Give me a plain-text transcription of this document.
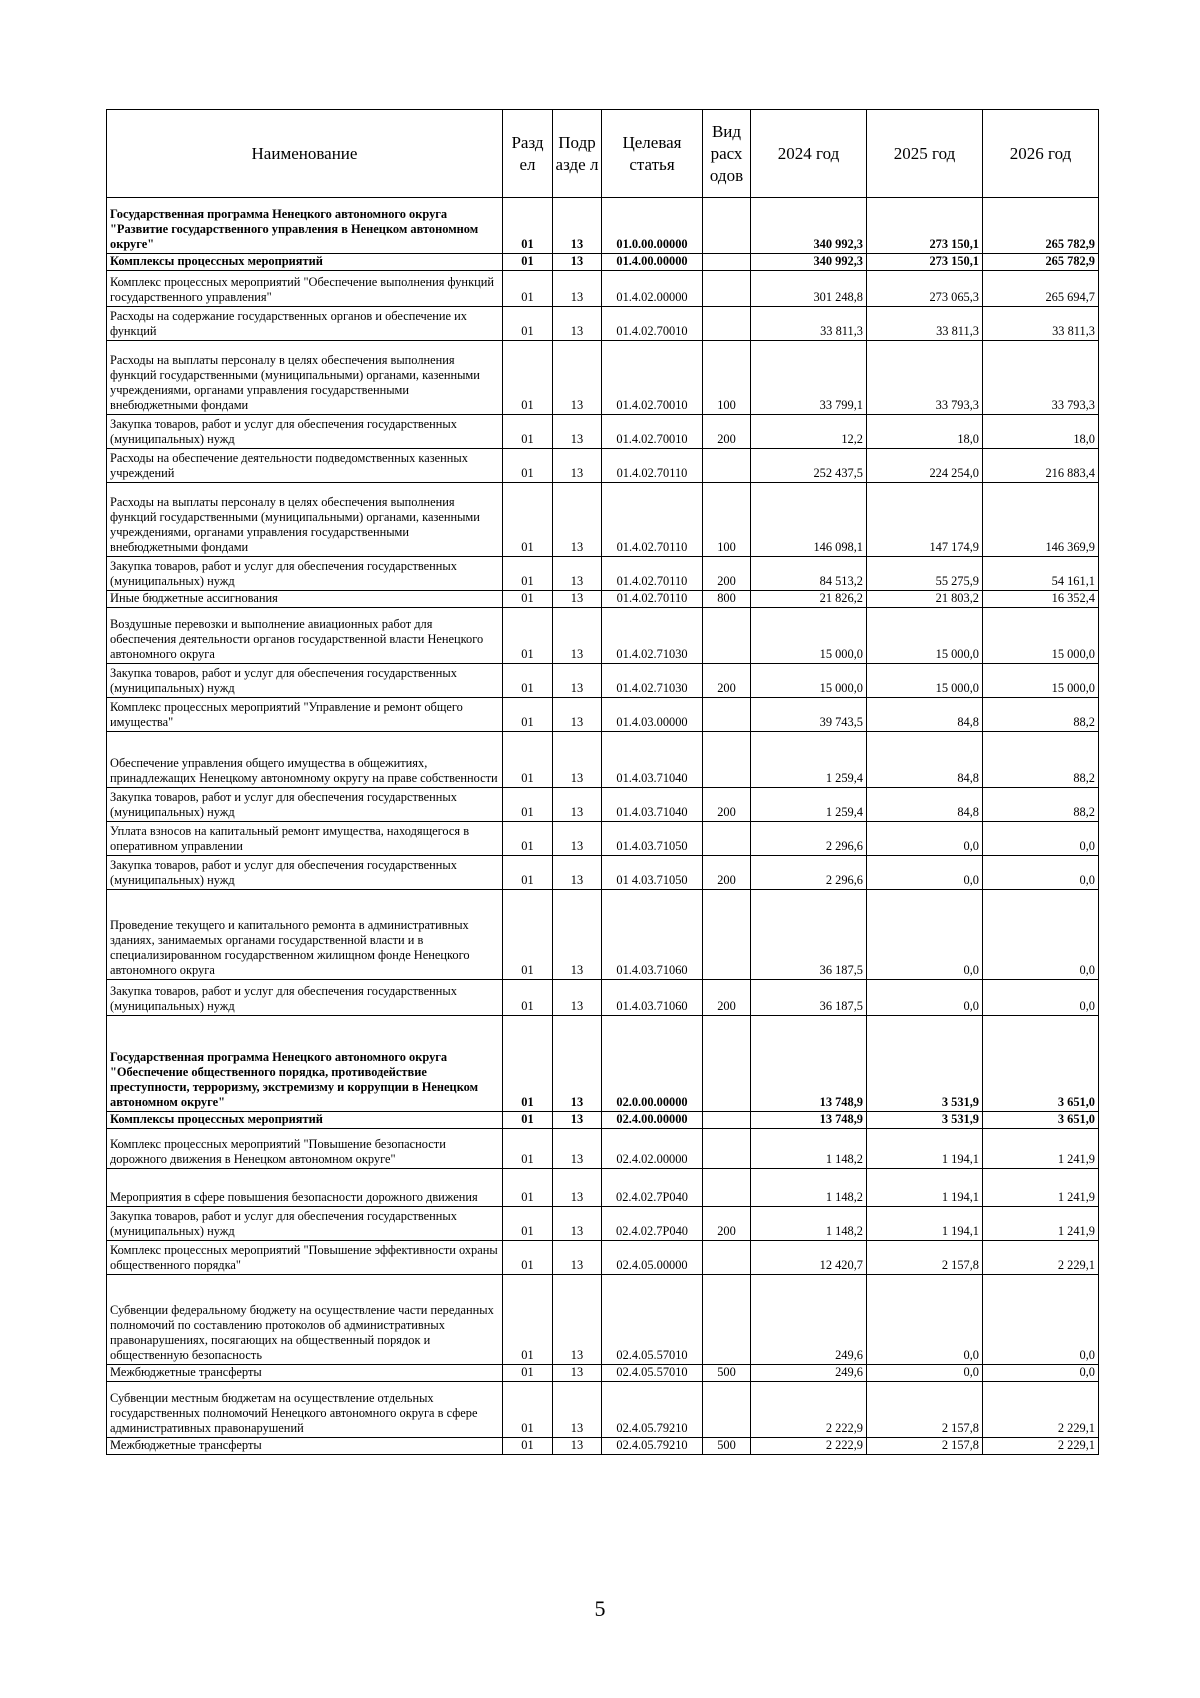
Наименование	Разд ел	Подр азде л	Целевая статья	Вид расх одов	2024 год	2025 год	2026 год
Государственная программа Ненецкого автономного округа "Развитие государственного управления в Ненецком автономном округе"	01	13	01.0.00.00000		340 992,3	273 150,1	265 782,9
Комплексы процессных мероприятий	01	13	01.4.00.00000		340 992,3	273 150,1	265 782,9
Комплекс процессных мероприятий "Обеспечение выполнения функций государственного управления"	01	13	01.4.02.00000		301 248,8	273 065,3	265 694,7
Расходы на содержание государственных органов и обеспечение их функций	01	13	01.4.02.70010		33 811,3	33 811,3	33 811,3
Расходы на выплаты персоналу в целях обеспечения выполнения функций государственными (муниципальными) органами, казенными учреждениями, органами управления государственными внебюджетными фондами	01	13	01.4.02.70010	100	33 799,1	33 793,3	33 793,3
Закупка товаров, работ и услуг для обеспечения государственных (муниципальных) нужд	01	13	01.4.02.70010	200	12,2	18,0	18,0
Расходы на обеспечение деятельности подведомственных казенных учреждений	01	13	01.4.02.70110		252 437,5	224 254,0	216 883,4
Расходы на выплаты персоналу в целях обеспечения выполнения функций государственными (муниципальными) органами, казенными учреждениями, органами управления государственными внебюджетными фондами	01	13	01.4.02.70110	100	146 098,1	147 174,9	146 369,9
Закупка товаров, работ и услуг для обеспечения государственных (муниципальных) нужд	01	13	01.4.02.70110	200	84 513,2	55 275,9	54 161,1
Иные бюджетные ассигнования	01	13	01.4.02.70110	800	21 826,2	21 803,2	16 352,4
Воздушные перевозки и выполнение авиационных работ для обеспечения деятельности органов государственной власти Ненецкого автономного округа	01	13	01.4.02.71030		15 000,0	15 000,0	15 000,0
Закупка товаров, работ и услуг для обеспечения государственных (муниципальных) нужд	01	13	01.4.02.71030	200	15 000,0	15 000,0	15 000,0
Комплекс процессных мероприятий "Управление и ремонт общего имущества"	01	13	01.4.03.00000		39 743,5	84,8	88,2
Обеспечение управления общего имущества в общежитиях, принадлежащих Ненецкому автономному округу на праве собственности	01	13	01.4.03.71040		1 259,4	84,8	88,2
Закупка товаров, работ и услуг для обеспечения государственных (муниципальных) нужд	01	13	01.4.03.71040	200	1 259,4	84,8	88,2
Уплата взносов на капитальный ремонт имущества, находящегося в оперативном управлении	01	13	01.4.03.71050		2 296,6	0,0	0,0
Закупка товаров, работ и услуг для обеспечения государственных (муниципальных) нужд	01	13	01 4.03.71050	200	2 296,6	0,0	0,0
Проведение текущего и капитального ремонта в административных зданиях, занимаемых органами государственной власти и в специализированном государственном жилищном фонде Ненецкого автономного округа	01	13	01.4.03.71060		36 187,5	0,0	0,0
Закупка товаров, работ и услуг для обеспечения государственных (муниципальных) нужд	01	13	01.4.03.71060	200	36 187,5	0,0	0,0
Государственная программа Ненецкого автономного округа "Обеспечение общественного порядка, противодействие преступности, терроризму, экстремизму и коррупции в Ненецком автономном округе"	01	13	02.0.00.00000		13 748,9	3 531,9	3 651,0
Комплексы процессных мероприятий	01	13	02.4.00.00000		13 748,9	3 531,9	3 651,0
Комплекс процессных мероприятий "Повышение безопасности дорожного движения в Ненецком автономном округе"	01	13	02.4.02.00000		1 148,2	1 194,1	1 241,9
Мероприятия в сфере повышения безопасности дорожного движения	01	13	02.4.02.7Р040		1 148,2	1 194,1	1 241,9
Закупка товаров, работ и услуг для обеспечения государственных (муниципальных) нужд	01	13	02.4.02.7Р040	200	1 148,2	1 194,1	1 241,9
Комплекс процессных мероприятий "Повышение эффективности охраны общественного порядка"	01	13	02.4.05.00000		12 420,7	2 157,8	2 229,1
Субвенции федеральному бюджету на осуществление части переданных полномочий по составлению протоколов об административных правонарушениях, посягающих на общественный порядок и общественную безопасность	01	13	02.4.05.57010		249,6	0,0	0,0
Межбюджетные трансферты	01	13	02.4.05.57010	500	249,6	0,0	0,0
Субвенции местным бюджетам на осуществление отдельных государственных полномочий Ненецкого автономного округа в сфере административных правонарушений	01	13	02.4.05.79210		2 222,9	2 157,8	2 229,1
Межбюджетные трансферты	01	13	02.4.05.79210	500	2 222,9	2 157,8	2 229,1
5
